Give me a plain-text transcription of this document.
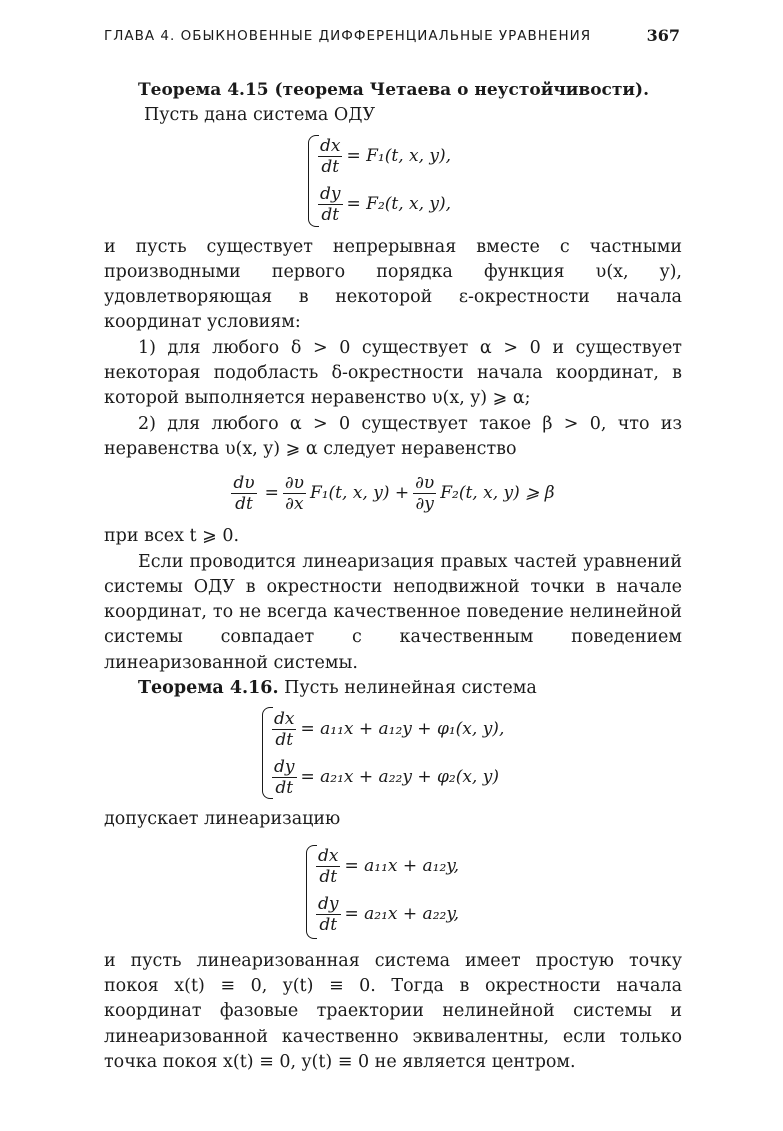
ГЛАВА 4. ОБЫКНОВЕННЫЕ ДИФФЕРЕНЦИАЛЬНЫЕ УРАВНЕНИЯ	367
Теорема 4.15 (теорема Четаева о неустойчивости).
Пусть дана система ОДУ
$\frac{dx}{dt} = F_1(t$, x, y),
$\frac{dy}{dt} = F_2(t$, x, y),

и пусть существует непрерывная вместе с частными производными первого порядка функция υ(x, y), удовлетворяющая в некоторой ε-окрестности начала координат условиям:

1) для любого δ > 0 существует α > 0 и существует некоторая подобласть δ-окрестности начала координат, в которой выполняется неравенство υ(x, y) ⩾ α;

2) для любого α > 0 существует такое β > 0, что из неравенства υ(x, y) ⩾ α следует неравенство

$\frac{d\upsilon}{dt} = \frac{\partial\upsilon}{\partial x} F_1(t$, x, $y) + \frac{\partial\upsilon}{\partial y} F_2(t$, x, y) ⩾ β

при всех t ⩾ 0.

Если проводится линеаризация правых частей уравнений системы ОДУ в окрестности неподвижной точки в начале координат, то не всегда качественное поведение нелинейной системы совпадает с качественным поведением линеаризованной системы.

Теорема 4.16. Пусть нелинейная система
$\frac{dx}{dt} = a_{11}x + a_{12}y + \varphi_1(x$, y),
$\frac{dy}{dt} = a_{21}x + a_{22}y + \varphi_2(x$, y)
допускает линеаризацию
$\frac{dx}{dt} = a_{11}x + a_{12}y$,
$\frac{dy}{dt} = a_{21}x + a_{22}y$,

и пусть линеаризованная система имеет простую точку покоя x(t) ≡ 0, y(t) ≡ 0. Тогда в окрестности начала координат фазовые траектории нелинейной системы и линеаризованной качественно эквивалентны, если только точка покоя x(t) ≡ 0, y(t) ≡ 0 не является центром.
